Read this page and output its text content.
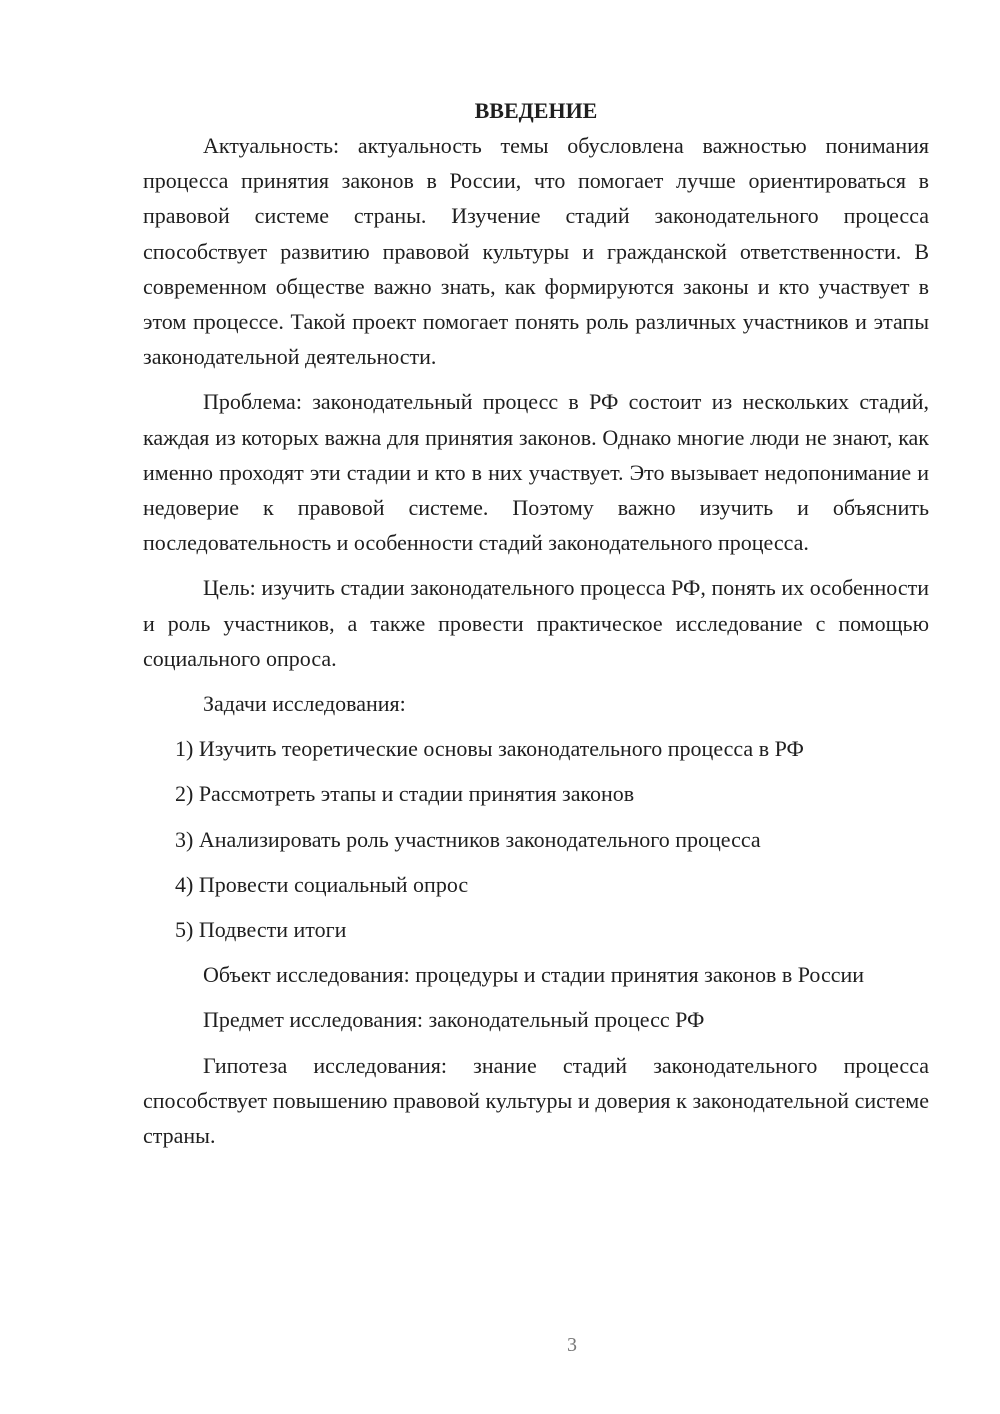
ВВЕДЕНИЕ

Актуальность: актуальность темы обусловлена важностью понимания процесса принятия законов в России, что помогает лучше ориентироваться в правовой системе страны. Изучение стадий законодательного процесса способствует развитию правовой культуры и гражданской ответственности. В современном обществе важно знать, как формируются законы и кто участвует в этом процессе. Такой проект помогает понять роль различных участников и этапы законодательной деятельности.

Проблема: законодательный процесс в РФ состоит из нескольких стадий, каждая из которых важна для принятия законов. Однако многие люди не знают, как именно проходят эти стадии и кто в них участвует. Это вызывает недопонимание и недоверие к правовой системе. Поэтому важно изучить и объяснить последовательность и особенности стадий законодательного процесса.

Цель: изучить стадии законодательного процесса РФ, понять их особенности и роль участников, а также провести практическое исследование с помощью социального опроса.

Задачи исследования:

1) Изучить теоретические основы законодательного процесса в РФ
2) Рассмотреть этапы и стадии принятия законов
3) Анализировать роль участников законодательного процесса
4) Провести социальный опрос
5) Подвести итоги

Объект исследования: процедуры и стадии принятия законов в России

Предмет исследования: законодательный процесс РФ

Гипотеза исследования: знание стадий законодательного процесса способствует повышению правовой культуры и доверия к законодательной системе страны.

3
